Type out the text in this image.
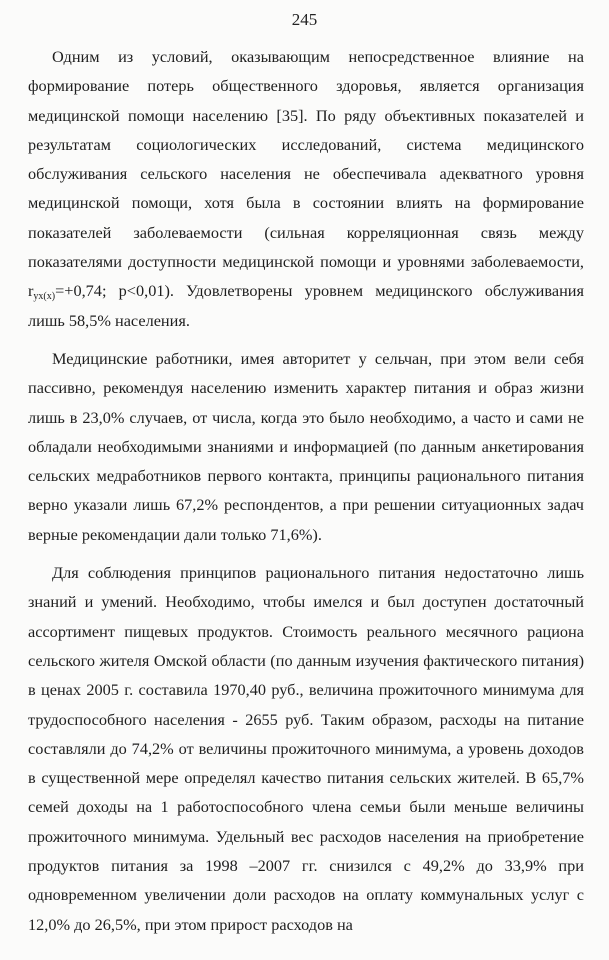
245

Одним из условий, оказывающим непосредственное влияние на формирование потерь общественного здоровья, является организация медицинской помощи населению [35]. По ряду объективных показателей и результатам социологических исследований, система медицинского обслуживания сельского населения не обеспечивала адекватного уровня медицинской помощи, хотя была в состоянии влиять на формирование показателей заболеваемости (сильная корреляционная связь между показателями доступности медицинской помощи и уровнями заболеваемости, $r_{yx(x)}=+0,74$; p<0,01). Удовлетворены уровнем медицинского обслуживания лишь 58,5% населения.

Медицинские работники, имея авторитет у сельчан, при этом вели себя пассивно, рекомендуя населению изменить характер питания и образ жизни лишь в 23,0% случаев, от числа, когда это было необходимо, а часто и сами не обладали необходимыми знаниями и информацией (по данным анкетирования сельских медработников первого контакта, принципы рационального питания верно указали лишь 67,2% респондентов, а при решении ситуационных задач верные рекомендации дали только 71,6%).

Для соблюдения принципов рационального питания недостаточно лишь знаний и умений. Необходимо, чтобы имелся и был доступен достаточный ассортимент пищевых продуктов. Стоимость реального месячного рациона сельского жителя Омской области (по данным изучения фактического питания) в ценах 2005 г. составила 1970,40 руб., величина прожиточного минимума для трудоспособного населения - 2655 руб. Таким образом, расходы на питание составляли до 74,2% от величины прожиточного минимума, а уровень доходов в существенной мере определял качество питания сельских жителей. В 65,7% семей доходы на 1 работоспособного члена семьи были меньше величины прожиточного минимума. Удельный вес расходов населения на приобретение продуктов питания за 1998 –2007 гг. снизился с 49,2% до 33,9% при одновременном увеличении доли расходов на оплату коммунальных услуг с 12,0% до 26,5%, при этом прирост расходов на
